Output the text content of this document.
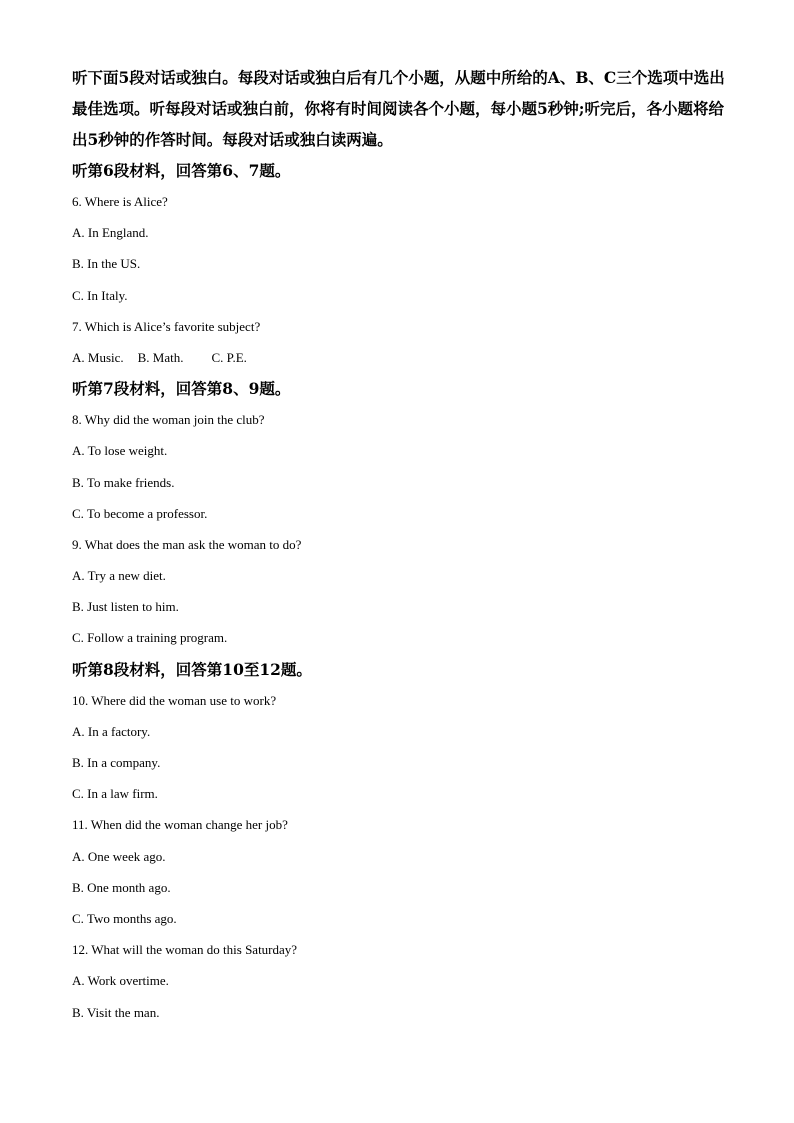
听下面5段对话或独白。每段对话或独白后有几个小题，从题中所给的A、B、C三个选项中选出最佳选项。听每段对话或独白前，你将有时间阅读各个小题，每小题5秒钟;听完后，各小题将给出5秒钟的作答时间。每段对话或独白读两遍。

听第6段材料，回答第6、7题。

6. Where is Alice?

A. In England.

B. In the US.

C. In Italy.

7. Which is Alice’s favorite subject?

A. Music. B. Math. C. P.E.

听第7段材料，回答第8、9题。

8. Why did the woman join the club?

A. To lose weight.

B. To make friends.

C. To become a professor.

9. What does the man ask the woman to do?

A. Try a new diet.

B. Just listen to him.

C. Follow a training program.

听第8段材料，回答第10至12题。

10. Where did the woman use to work?

A. In a factory.

B. In a company.

C. In a law firm.

11. When did the woman change her job?

A. One week ago.

B. One month ago.

C. Two months ago.

12. What will the woman do this Saturday?

A. Work overtime.

B. Visit the man.
